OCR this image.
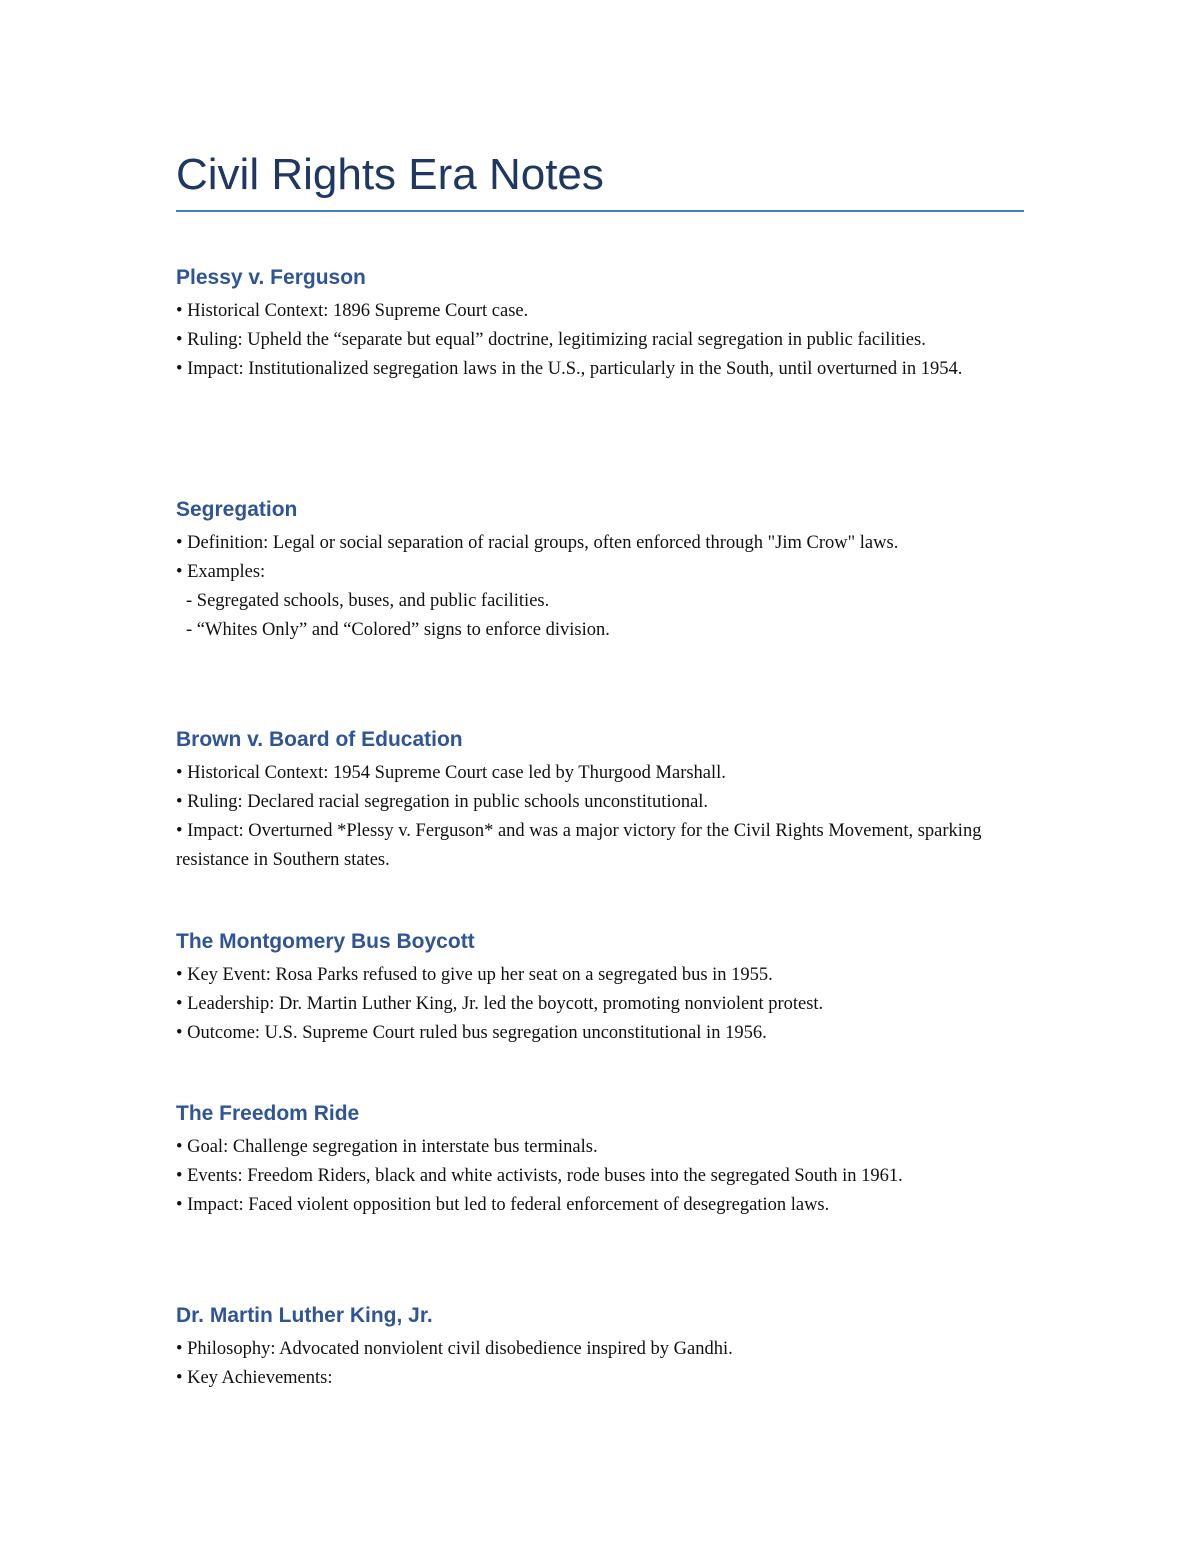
Civil Rights Era Notes
Plessy v. Ferguson
• Historical Context: 1896 Supreme Court case.
• Ruling: Upheld the “separate but equal” doctrine, legitimizing racial segregation in public facilities.
• Impact: Institutionalized segregation laws in the U.S., particularly in the South, until overturned in 1954.
Segregation
• Definition: Legal or social separation of racial groups, often enforced through "Jim Crow" laws.
• Examples:
- Segregated schools, buses, and public facilities.
- “Whites Only” and “Colored” signs to enforce division.
Brown v. Board of Education
• Historical Context: 1954 Supreme Court case led by Thurgood Marshall.
• Ruling: Declared racial segregation in public schools unconstitutional.
• Impact: Overturned *Plessy v. Ferguson* and was a major victory for the Civil Rights Movement, sparking resistance in Southern states.
The Montgomery Bus Boycott
• Key Event: Rosa Parks refused to give up her seat on a segregated bus in 1955.
• Leadership: Dr. Martin Luther King, Jr. led the boycott, promoting nonviolent protest.
• Outcome: U.S. Supreme Court ruled bus segregation unconstitutional in 1956.
The Freedom Ride
• Goal: Challenge segregation in interstate bus terminals.
• Events: Freedom Riders, black and white activists, rode buses into the segregated South in 1961.
• Impact: Faced violent opposition but led to federal enforcement of desegregation laws.
Dr. Martin Luther King, Jr.
• Philosophy: Advocated nonviolent civil disobedience inspired by Gandhi.
• Key Achievements:
